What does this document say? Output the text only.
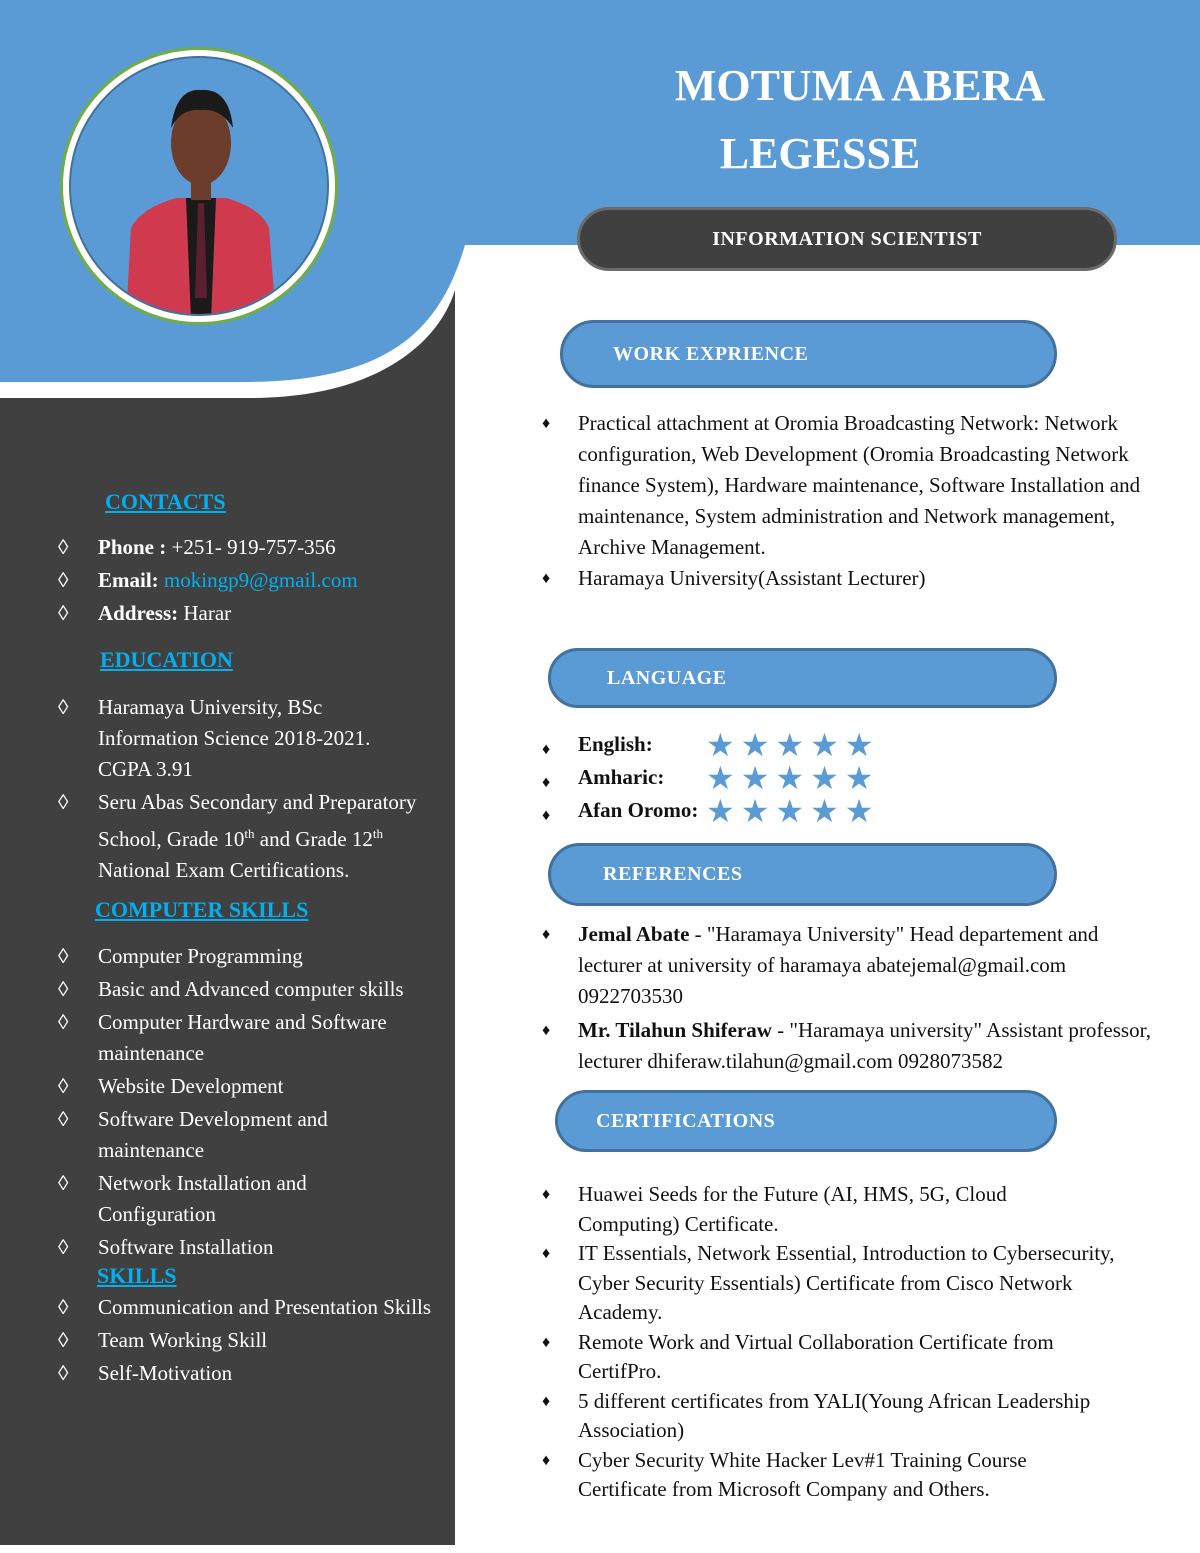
MOTUMA ABERA
LEGESSE
INFORMATION SCIENTIST
CONTACTS
◊ Phone : +251- 919-757-356
◊ Email: mokingp9@gmail.com
◊ Address: Harar
EDUCATION
◊ Haramaya University, BSc Information Science 2018-2021. CGPA 3.91
◊ Seru Abas Secondary and Preparatory School, Grade 10th and Grade 12th National Exam Certifications.
COMPUTER SKILLS
◊ Computer Programming
◊ Basic and Advanced computer skills
◊ Computer Hardware and Software maintenance
◊ Website Development
◊ Software Development and maintenance
◊ Network Installation and Configuration
◊ Software Installation
SKILLS
◊ Communication and Presentation Skills
◊ Team Working Skill
◊ Self-Motivation
WORK EXPRIENCE
♦ Practical attachment at Oromia Broadcasting Network: Network   configuration, Web Development (Oromia Broadcasting Network finance System), Hardware maintenance, Software Installation and maintenance, System administration and Network management, Archive Management.
♦ Haramaya University(Assistant Lecturer)
LANGUAGE
♦ English:	★ ★ ★ ★ ★
♦ Amharic:	★ ★ ★ ★ ★
♦ Afan Oromo: ★ ★ ★ ★ ★
REFERENCES
♦ Jemal Abate - "Haramaya University" Head departement and lecturer at university of haramaya abatejemal@gmail.com 0922703530
♦ Mr. Tilahun Shiferaw - "Haramaya university" Assistant professor, lecturer dhiferaw.tilahun@gmail.com 0928073582
CERTIFICATIONS
♦ Huawei Seeds for the Future (AI, HMS, 5G, Cloud Computing) Certificate.
♦ IT Essentials, Network Essential, Introduction to Cybersecurity, Cyber Security Essentials) Certificate from Cisco Network Academy.
♦ Remote Work and Virtual Collaboration Certificate from CertifPro.
♦ 5 different certificates from YALI(Young African Leadership Association)
♦ Cyber Security White Hacker Lev#1 Training Course Certificate from Microsoft Company and Others.
